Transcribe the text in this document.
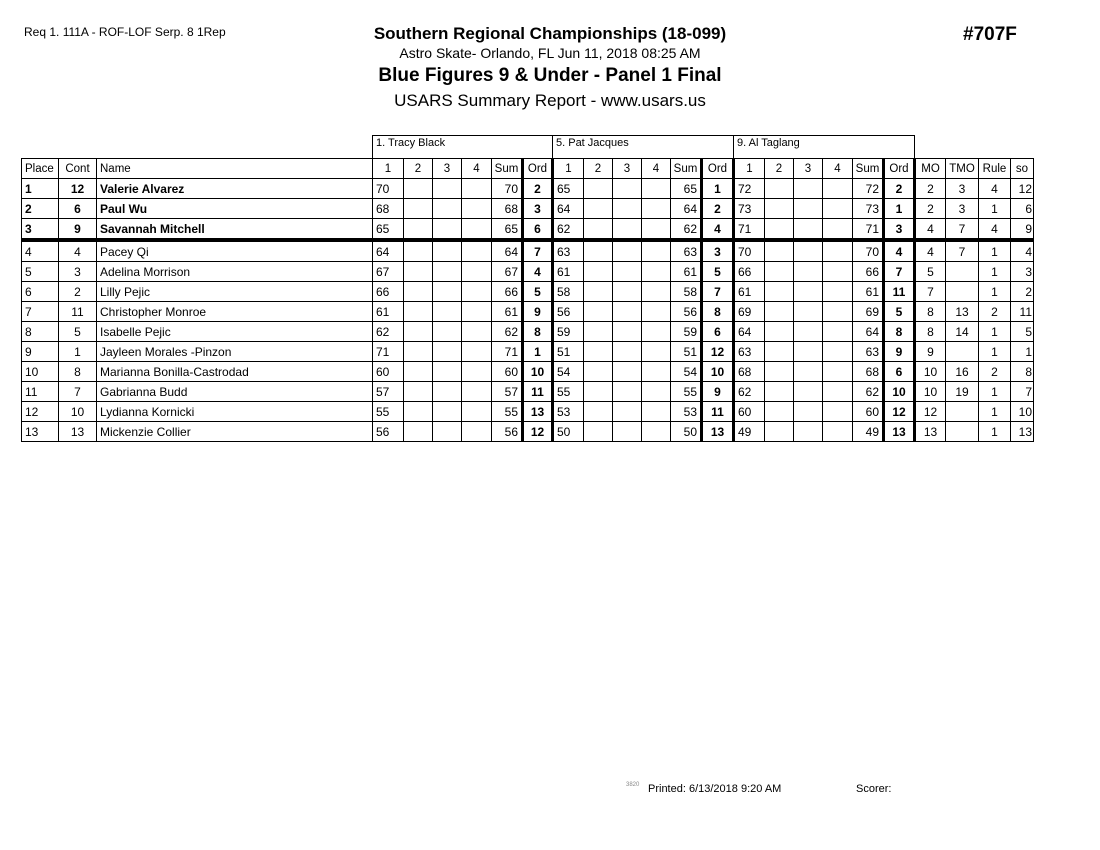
Req 1. 111A - ROF-LOF Serp. 8 1Rep	Southern Regional Championships (18-099)
Astro Skate- Orlando, FL Jun 11, 2018 08:25 AM
Blue Figures 9 & Under - Panel 1 Final
USARS Summary Report - www.usars.us
#707F
			1. Tracy Black						5. Pat Jacques						9. Al Taglang									
Place	Cont	Name	1	2	3	4	Sum	Ord	1	2	3	4	Sum	Ord	1	2	3	4	Sum	Ord	MO	TMO	Rule	so
1	12	Valerie Alvarez	70				70	2	65				65	1	72				72	2	2	3	4	12
2	6	Paul Wu	68				68	3	64				64	2	73				73	1	2	3	1	6
3	9	Savannah Mitchell	65				65	6	62				62	4	71				71	3	4	7	4	9
4	4	Pacey Qi	64				64	7	63				63	3	70				70	4	4	7	1	4
5	3	Adelina Morrison	67				67	4	61				61	5	66				66	7	5		1	3
6	2	Lilly Pejic	66				66	5	58				58	7	61				61	11	7		1	2
7	11	Christopher Monroe	61				61	9	56				56	8	69				69	5	8	13	2	11
8	5	Isabelle Pejic	62				62	8	59				59	6	64				64	8	8	14	1	5
9	1	Jayleen Morales -Pinzon	71				71	1	51				51	12	63				63	9	9		1	1
10	8	Marianna Bonilla-Castrodad	60				60	10	54				54	10	68				68	6	10	16	2	8
11	7	Gabrianna Budd	57				57	11	55				55	9	62				62	10	10	19	1	7
12	10	Lydianna Kornicki	55				55	13	53				53	11	60				60	12	12		1	10
13	13	Mickenzie Collier	56				56	12	50				50	13	49				49	13	13		1	13
3820 Printed: 6/13/2018 9:20 AM	Scorer:
